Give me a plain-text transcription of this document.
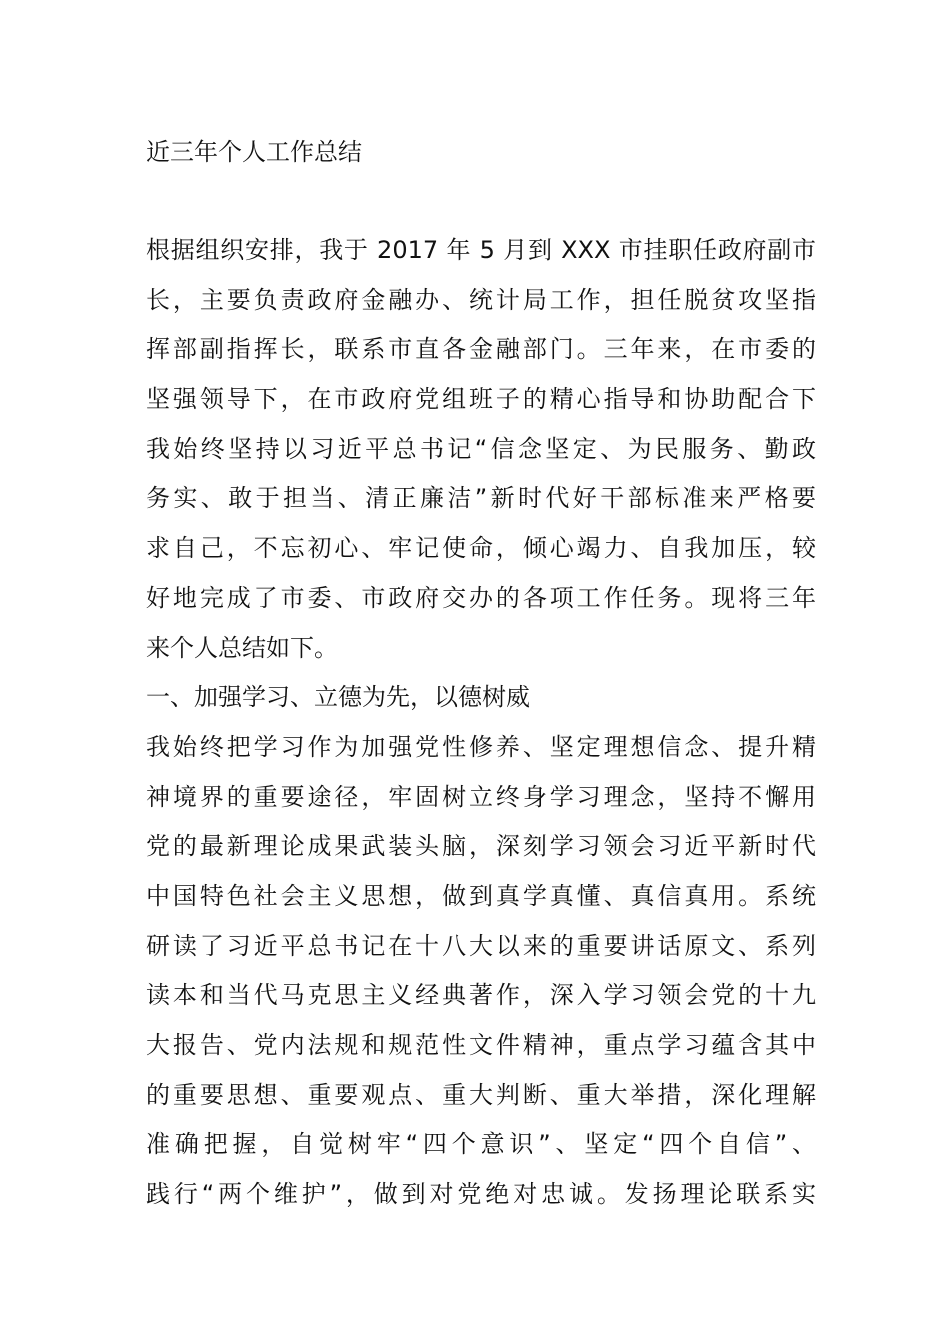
近三年个人工作总结
根据组织安排，我于 2017 年 5 月到 XXX 市挂职任政府副市
长，主要负责政府金融办、统计局工作，担任脱贫攻坚指
挥部副指挥长，联系市直各金融部门。三年来，在市委的
坚强领导下，在市政府党组班子的精心指导和协助配合下
我始终坚持以习近平总书记“信念坚定、为民服务、勤政
务实、敢于担当、清正廉洁”新时代好干部标准来严格要
求自己，不忘初心、牢记使命，倾心竭力、自我加压，较
好地完成了市委、市政府交办的各项工作任务。现将三年
来个人总结如下。
一、加强学习、立德为先，以德树威
我始终把学习作为加强党性修养、坚定理想信念、提升精
神境界的重要途径，牢固树立终身学习理念，坚持不懈用
党的最新理论成果武装头脑，深刻学习领会习近平新时代
中国特色社会主义思想，做到真学真懂、真信真用。系统
研读了习近平总书记在十八大以来的重要讲话原文、系列
读本和当代马克思主义经典著作，深入学习领会党的十九
大报告、党内法规和规范性文件精神，重点学习蕴含其中
的重要思想、重要观点、重大判断、重大举措，深化理解
准确把握，自觉树牢“四个意识”、坚定“四个自信”、
践行“两个维护”，做到对党绝对忠诚。发扬理论联系实
